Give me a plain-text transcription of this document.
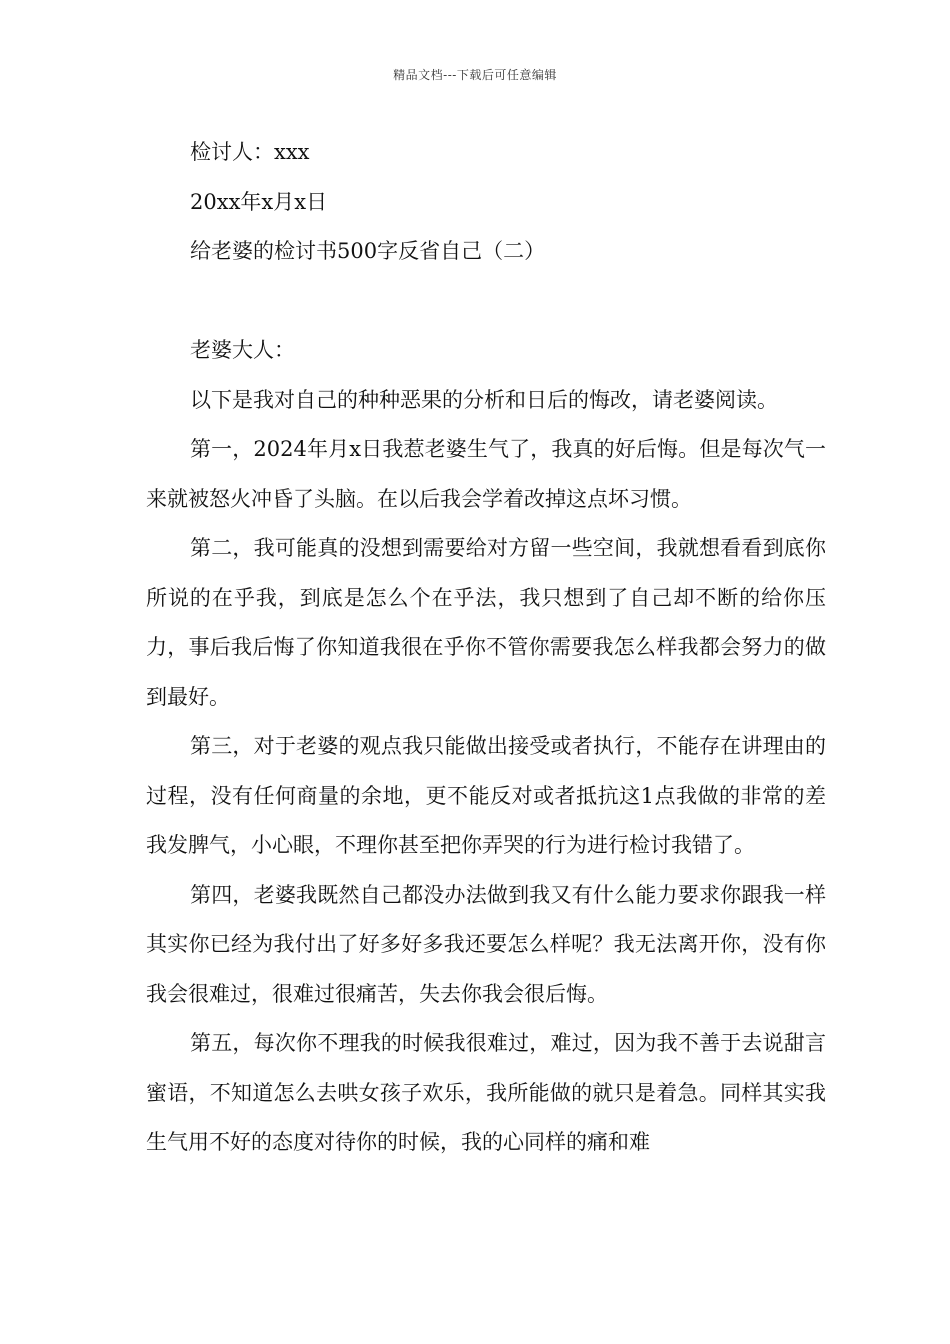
精品文档---下载后可任意编辑
检讨人：xxx
20xx年x月x日
给老婆的检讨书500字反省自己（二）
老婆大人：

以下是我对自己的种种恶果的分析和日后的悔改，请老婆阅读。

第一，2024年月x日我惹老婆生气了，我真的好后悔。但是每次气一来就被怒火冲昏了头脑。在以后我会学着改掉这点坏习惯。

第二，我可能真的没想到需要给对方留一些空间，我就想看看到底你所说的在乎我，到底是怎么个在乎法，我只想到了自己却不断的给你压力，事后我后悔了你知道我很在乎你不管你需要我怎么样我都会努力的做到最好。

第三，对于老婆的观点我只能做出接受或者执行，不能存在讲理由的过程，没有任何商量的余地，更不能反对或者抵抗这1点我做的非常的差我发脾气，小心眼，不理你甚至把你弄哭的行为进行检讨我错了。

第四，老婆我既然自己都没办法做到我又有什么能力要求你跟我一样其实你已经为我付出了好多好多我还要怎么样呢？我无法离开你，没有你我会很难过，很难过很痛苦，失去你我会很后悔。

第五，每次你不理我的时候我很难过，难过，因为我不善于去说甜言蜜语，不知道怎么去哄女孩子欢乐，我所能做的就只是着急。同样其实我生气用不好的态度对待你的时候，我的心同样的痛和难
